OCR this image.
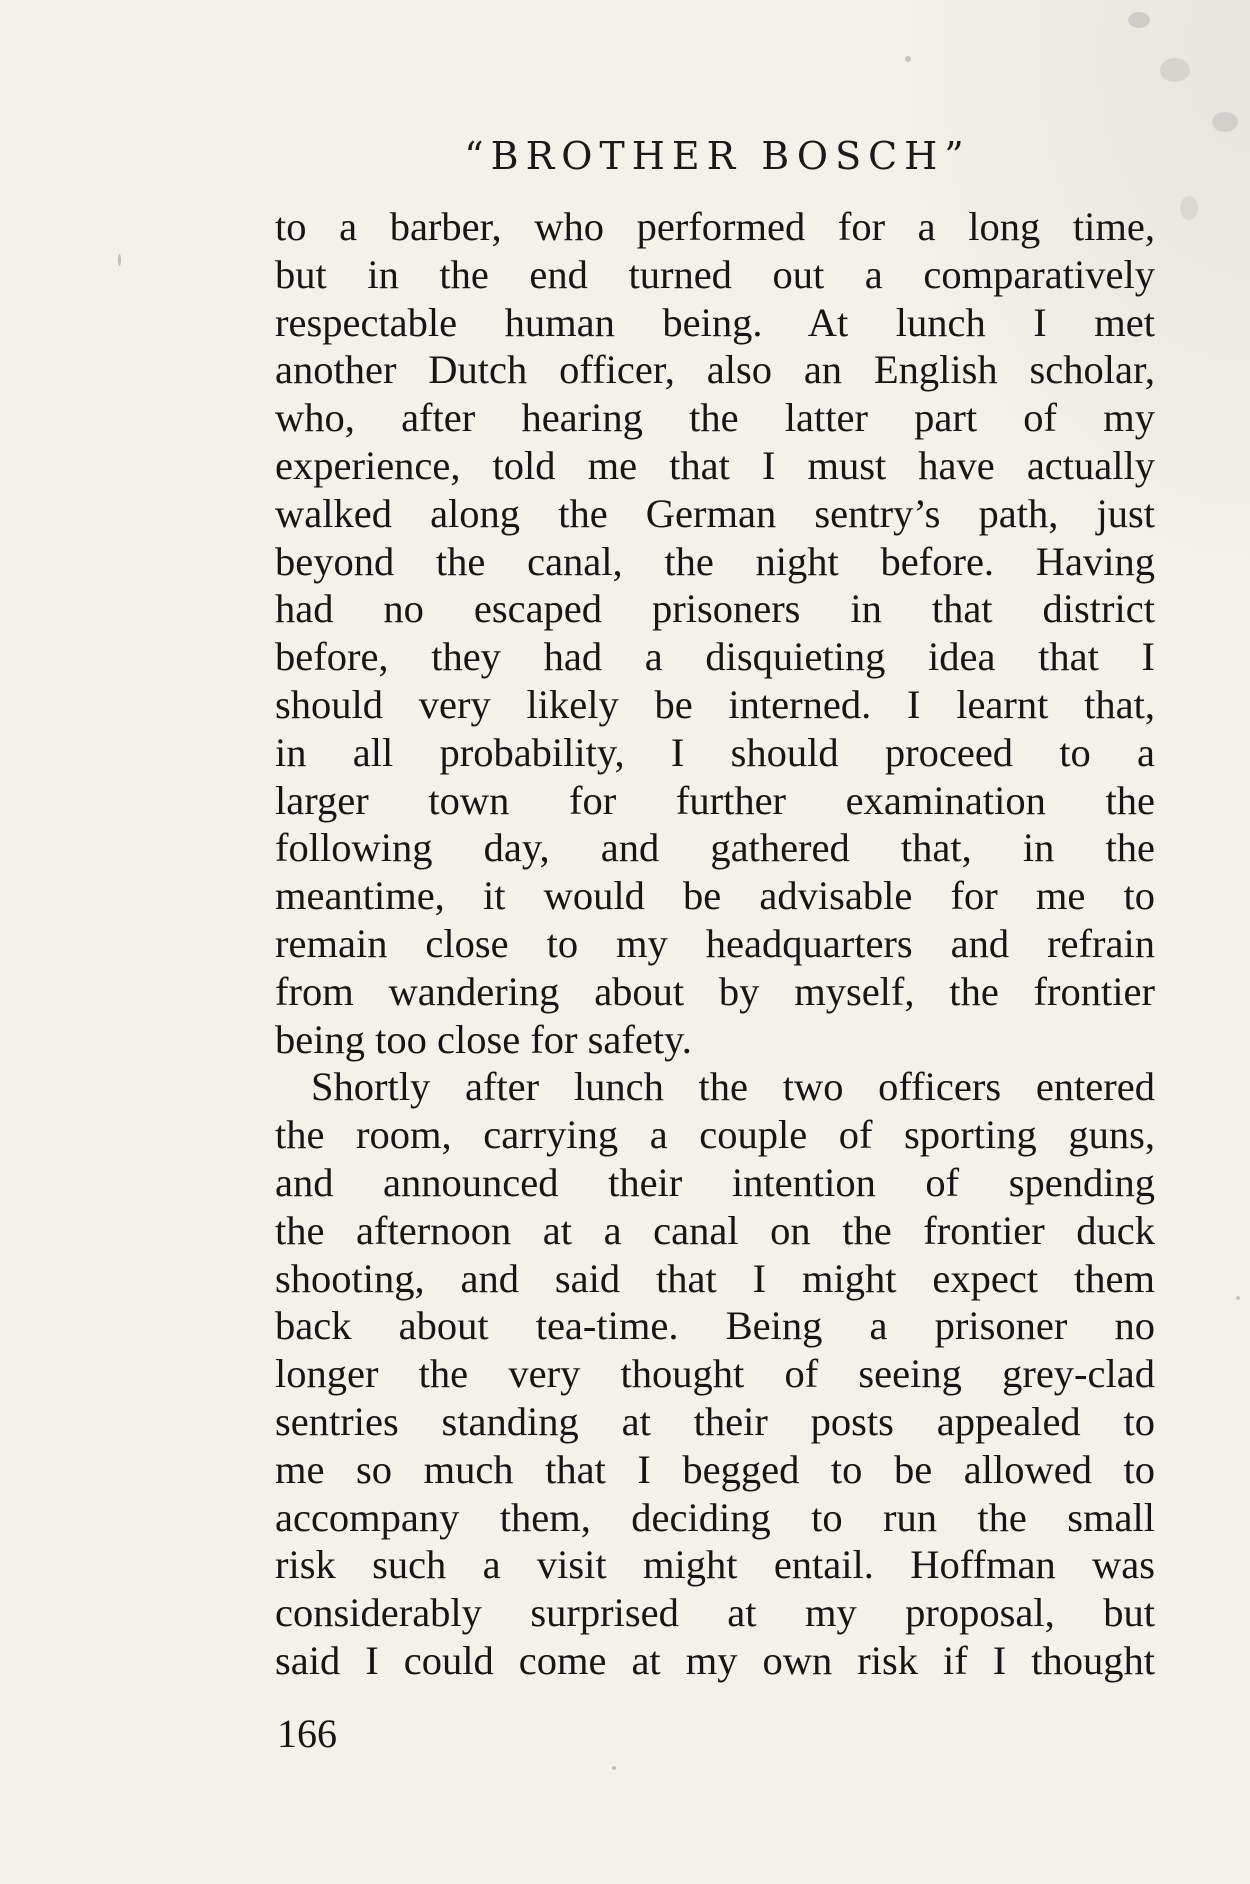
“BROTHER BOSCH”

to a barber, who performed for a long time,
but in the end turned out a comparatively
respectable human being. At lunch I met
another Dutch officer, also an English scholar,
who, after hearing the latter part of my
experience, told me that I must have actually
walked along the German sentry’s path, just
beyond the canal, the night before. Having
had no escaped prisoners in that district
before, they had a disquieting idea that I
should very likely be interned. I learnt that,
in all probability, I should proceed to a
larger town for further examination the
following day, and gathered that, in the
meantime, it would be advisable for me to
remain close to my headquarters and refrain
from wandering about by myself, the frontier
being too close for safety.

Shortly after lunch the two officers entered
the room, carrying a couple of sporting guns,
and announced their intention of spending
the afternoon at a canal on the frontier duck
shooting, and said that I might expect them
back about tea-time. Being a prisoner no
longer the very thought of seeing grey-clad
sentries standing at their posts appealed to
me so much that I begged to be allowed to
accompany them, deciding to run the small
risk such a visit might entail. Hoffman was
considerably surprised at my proposal, but
said I could come at my own risk if I thought

166
